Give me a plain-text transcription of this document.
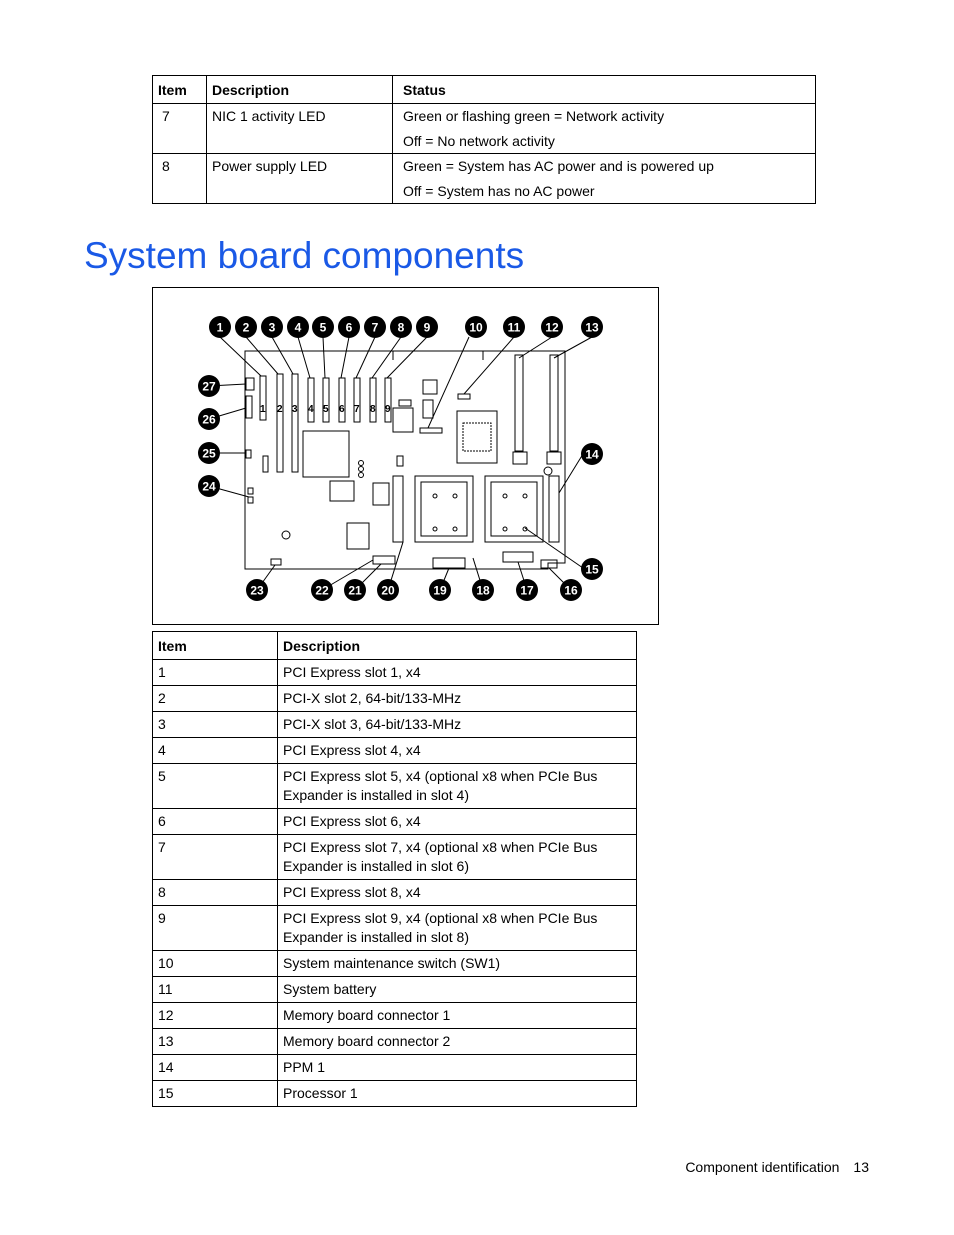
Item	Description	Status
7	NIC 1 activity LED	Green or flashing green = Network activity
Off = No network activity

8	Power supply LED	Green = System has AC power and is powered up
Off = System has no AC power
System board components
1 2 3 4 5 6 7 8 9
1 2 3 4 5 6 7 8 9	10 11 12 13
14
15
16
17
18
19
20
21
22
23
24
25
26
27
Item	Description
1	PCI Express slot 1, x4

2	PCI-X slot 2, 64-bit/133-MHz

3	PCI-X slot 3, 64-bit/133-MHz

4	PCI Express slot 4, x4

5	PCI Express slot 5, x4 (optional x8 when PCIe Bus
Expander is installed in slot 4)

6	PCI Express slot 6, x4

7	PCI Express slot 7, x4 (optional x8 when PCIe Bus
Expander is installed in slot 6)

8	PCI Express slot 8, x4

9	PCI Express slot 9, x4 (optional x8 when PCIe Bus
Expander is installed in slot 8)

10	System maintenance switch (SW1)

11	System battery

12	Memory board connector 1

13	Memory board connector 2

14	PPM 1

15	Processor 1
Component identification 13
